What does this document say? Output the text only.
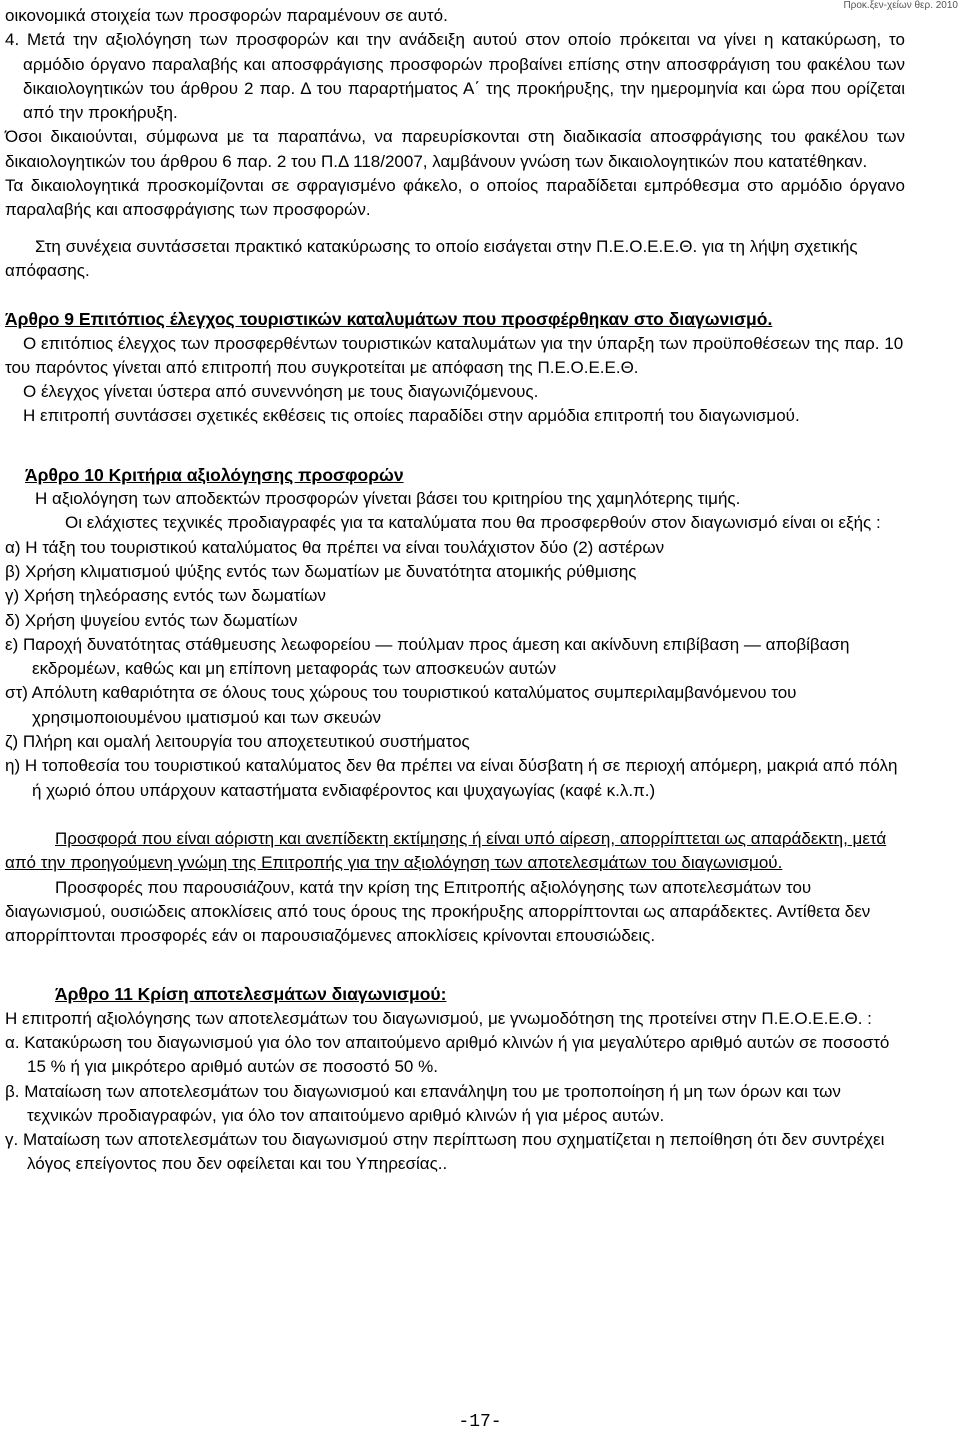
Προκ.ξεν-χείων θερ. 2010

οικονομικά στοιχεία των προσφορών παραμένουν σε αυτό.

4. Μετά την αξιολόγηση των προσφορών και την ανάδειξη αυτού στον οποίο πρόκειται να γίνει η κατακύρωση, το αρμόδιο όργανο παραλαβής και αποσφράγισης προσφορών προβαίνει επίσης στην αποσφράγιση του φακέλου των δικαιολογητικών του άρθρου 2 παρ. Δ του παραρτήματος Α΄ της προκήρυξης, την ημερομηνία και ώρα που ορίζεται από την προκήρυξη.

Όσοι δικαιούνται, σύμφωνα με τα παραπάνω, να παρευρίσκονται στη διαδικασία αποσφράγισης του φακέλου των δικαιολογητικών του άρθρου 6 παρ. 2 του Π.Δ 118/2007, λαμβάνουν γνώση των δικαιολογητικών που κατατέθηκαν.

Τα δικαιολογητικά προσκομίζονται σε σφραγισμένο φάκελο, ο οποίος παραδίδεται εμπρόθεσμα στο αρμόδιο όργανο παραλαβής και αποσφράγισης των προσφορών.

Στη συνέχεια συντάσσεται πρακτικό κατακύρωσης το οποίο εισάγεται στην Π.Ε.Ο.Ε.Ε.Θ. για τη λήψη σχετικής απόφασης.

Άρθρο 9 Επιτόπιος έλεγχος τουριστικών καταλυμάτων που προσφέρθηκαν στο διαγωνισμό.

Ο επιτόπιος έλεγχος των προσφερθέντων τουριστικών καταλυμάτων για την ύπαρξη των προϋποθέσεων της παρ. 10 του παρόντος γίνεται από επιτροπή που συγκροτείται με απόφαση της Π.Ε.Ο.Ε.Ε.Θ.

Ο έλεγχος γίνεται ύστερα από συνεννόηση με τους διαγωνιζόμενους.

Η επιτροπή συντάσσει σχετικές εκθέσεις τις οποίες παραδίδει στην αρμόδια επιτροπή του διαγωνισμού.

Άρθρο 10 Κριτήρια αξιολόγησης προσφορών

Η αξιολόγηση των αποδεκτών προσφορών γίνεται βάσει του κριτηρίου της χαμηλότερης τιμής.

Οι ελάχιστες τεχνικές προδιαγραφές για τα καταλύματα που θα προσφερθούν στον διαγωνισμό είναι οι εξής :

α) Η τάξη του τουριστικού καταλύματος θα πρέπει να είναι τουλάχιστον δύο (2) αστέρων

β) Χρήση κλιματισμού ψύξης εντός των δωματίων με δυνατότητα ατομικής ρύθμισης

γ) Χρήση τηλεόρασης εντός των δωματίων

δ) Χρήση ψυγείου εντός των δωματίων

ε) Παροχή δυνατότητας στάθμευσης λεωφορείου — πούλμαν προς άμεση και ακίνδυνη επιβίβαση — αποβίβαση εκδρομέων, καθώς και μη επίπονη μεταφοράς των αποσκευών αυτών

στ) Απόλυτη καθαριότητα σε όλους τους χώρους του τουριστικού καταλύματος συμπεριλαμβανόμενου του χρησιμοποιουμένου ιματισμού και των σκευών

ζ) Πλήρη και ομαλή λειτουργία του αποχετευτικού συστήματος

η) Η τοποθεσία του τουριστικού καταλύματος δεν θα πρέπει να είναι δύσβατη ή σε περιοχή απόμερη, μακριά από πόλη ή χωριό όπου υπάρχουν καταστήματα ενδιαφέροντος και ψυχαγωγίας (καφέ κ.λ.π.)

Προσφορά που είναι αόριστη και ανεπίδεκτη εκτίμησης ή είναι υπό αίρεση, απορρίπτεται ως απαράδεκτη, μετά από την προηγούμενη γνώμη της Επιτροπής για την αξιολόγηση των αποτελεσμάτων του διαγωνισμού.

Προσφορές που παρουσιάζουν, κατά την κρίση της Επιτροπής αξιολόγησης των αποτελεσμάτων του διαγωνισμού, ουσιώδεις αποκλίσεις από τους όρους της προκήρυξης απορρίπτονται ως απαράδεκτες. Αντίθετα δεν απορρίπτονται προσφορές εάν οι παρουσιαζόμενες αποκλίσεις κρίνονται επουσιώδεις.

Άρθρο 11 Κρίση αποτελεσμάτων διαγωνισμού:

Η επιτροπή αξιολόγησης των αποτελεσμάτων του διαγωνισμού, με γνωμοδότηση της προτείνει στην Π.Ε.Ο.Ε.Ε.Θ. :

α. Κατακύρωση του διαγωνισμού για όλο τον απαιτούμενο αριθμό κλινών ή για μεγαλύτερο αριθμό αυτών σε ποσοστό 15 % ή για μικρότερο αριθμό αυτών σε ποσοστό 50 %.

β. Ματαίωση των αποτελεσμάτων του διαγωνισμού και επανάληψη του με τροποποίηση ή μη των όρων και των τεχνικών προδιαγραφών, για όλο τον απαιτούμενο αριθμό κλινών ή για μέρος αυτών.

γ. Ματαίωση των αποτελεσμάτων του διαγωνισμού στην περίπτωση που σχηματίζεται η πεποίθηση ότι δεν συντρέχει λόγος επείγοντος που δεν οφείλεται και του Υπηρεσίας..

-17-
